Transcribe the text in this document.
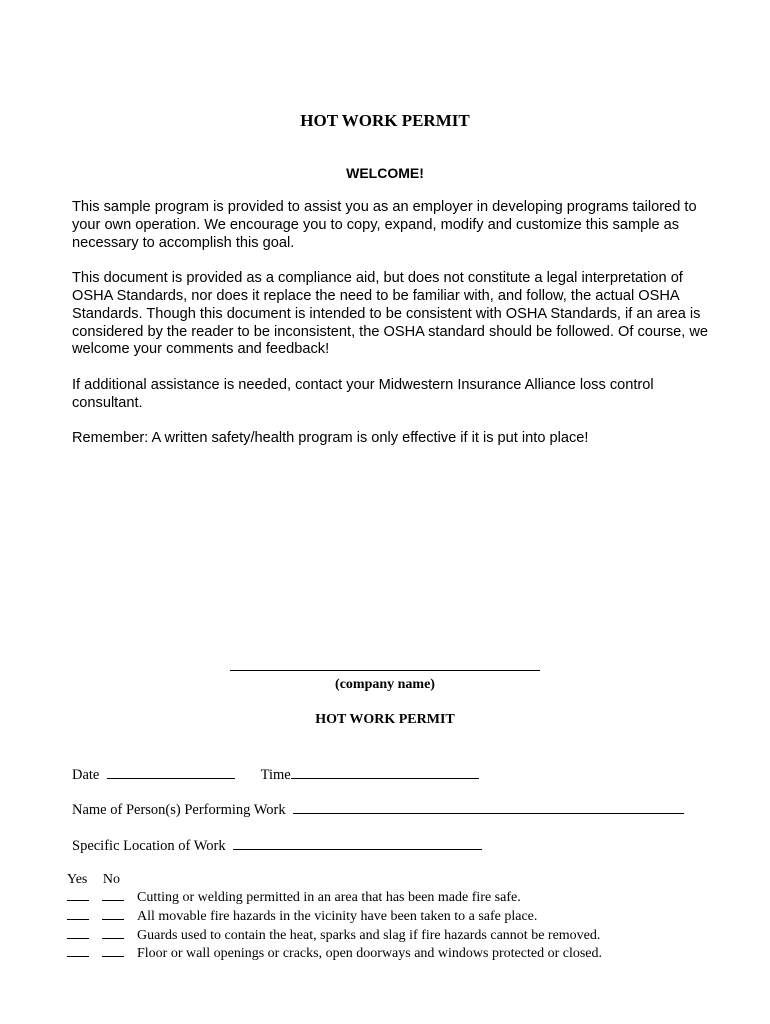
HOT WORK PERMIT
WELCOME!

This sample program is provided to assist you as an employer in developing programs tailored to your own operation. We encourage you to copy, expand, modify and customize this sample as necessary to accomplish this goal.

This document is provided as a compliance aid, but does not constitute a legal interpretation of OSHA Standards, nor does it replace the need to be familiar with, and follow, the actual OSHA Standards. Though this document is intended to be consistent with OSHA Standards, if an area is considered by the reader to be inconsistent, the OSHA standard should be followed. Of course, we welcome your comments and feedback!

If additional assistance is needed, contact your Midwestern Insurance Alliance loss control consultant.

Remember: A written safety/health program is only effective if it is put into place!

(company name)
HOT WORK PERMIT
Date	Time
Name of Person(s) Performing Work
Specific Location of Work
Yes No
Cutting or welding permitted in an area that has been made fire safe.
All movable fire hazards in the vicinity have been taken to a safe place.
Guards used to contain the heat, sparks and slag if fire hazards cannot be removed.
Floor or wall openings or cracks, open doorways and windows protected or closed.
